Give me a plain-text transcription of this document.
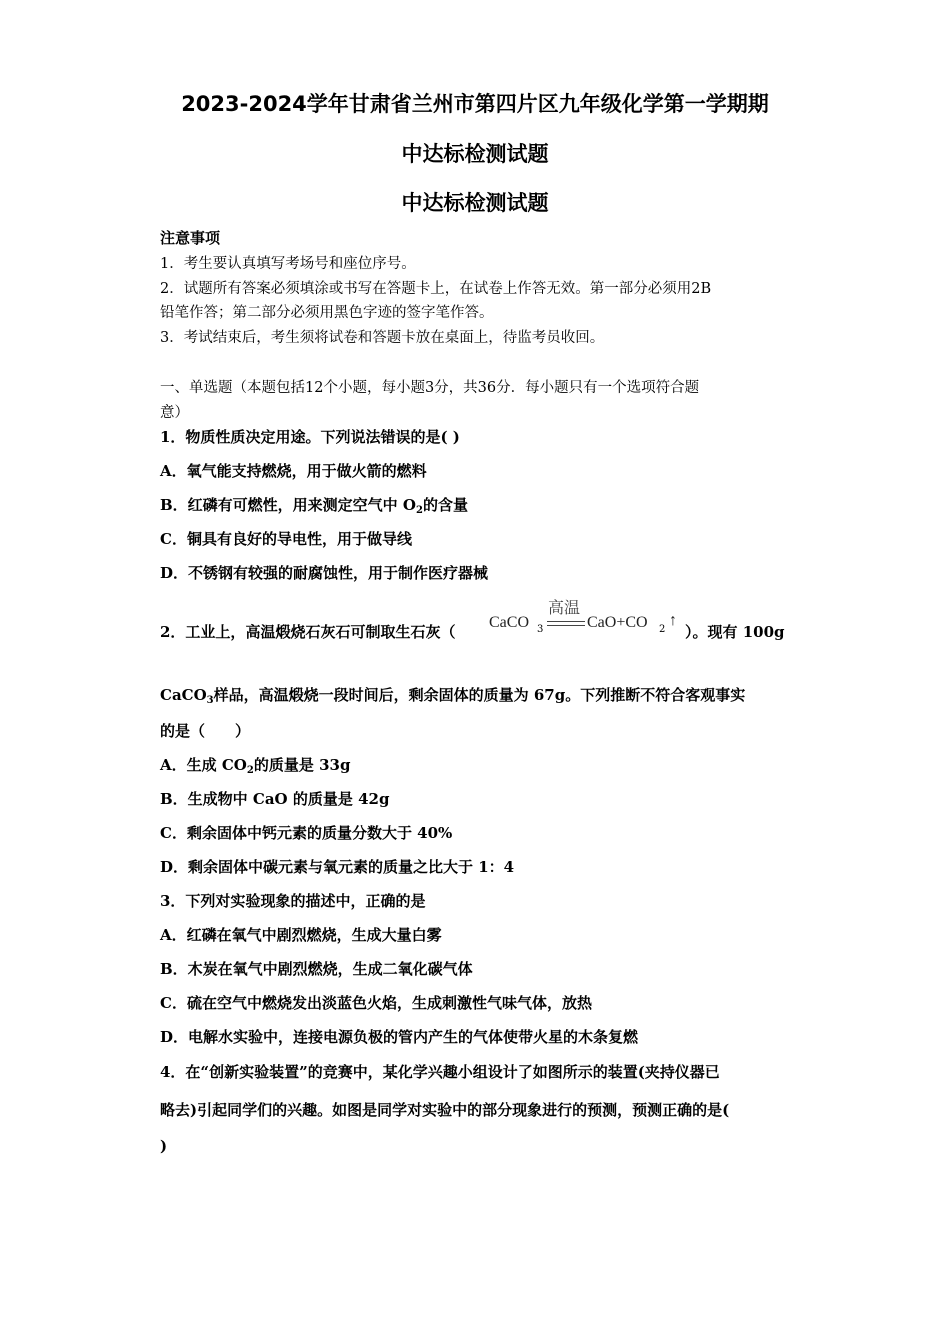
2023-2024学年甘肃省兰州市第四片区九年级化学第一学期期
中达标检测试题
中达标检测试题
注意事项
1．考生要认真填写考场号和座位序号。
2．试题所有答案必须填涂或书写在答题卡上，在试卷上作答无效。第一部分必须用2B
铅笔作答；第二部分必须用黑色字迹的签字笔作答。
3．考试结束后，考生须将试卷和答题卡放在桌面上，待监考员收回。
一、单选题（本题包括12个小题，每小题3分，共36分．每小题只有一个选项符合题
意）
1．物质性质决定用途。下列说法错误的是( )
A．氧气能支持燃烧，用于做火箭的燃料
B．红磷有可燃性，用来测定空气中 $O_2$的含量
C．铜具有良好的导电性，用于做导线
D．不锈钢有较强的耐腐蚀性，用于制作医疗器械
2．工业上，高温煅烧石灰石可制取生石灰（
CaCO 3
高温
CaO+CO 2
↑
）。现有 100g
CaCO$_3$样品，高温煅烧一段时间后，剩余固体的质量为 67g。下列推断不符合客观事实
的是（　　）
A．生成 $CO_2$的质量是 33g
B．生成物中 CaO 的质量是 42g
C．剩余固体中钙元素的质量分数大于 40%
D．剩余固体中碳元素与氧元素的质量之比大于 1：4
3．下列对实验现象的描述中，正确的是
A．红磷在氧气中剧烈燃烧，生成大量白雾
B．木炭在氧气中剧烈燃烧，生成二氧化碳气体
C．硫在空气中燃烧发出淡蓝色火焰，生成刺激性气味气体，放热
D．电解水实验中，连接电源负极的管内产生的气体使带火星的木条复燃
4．在“创新实验装置”的竞赛中，某化学兴趣小组设计了如图所示的装置(夹持仪器已
略去)引起同学们的兴趣。如图是同学对实验中的部分现象进行的预测，预测正确的是(
)
